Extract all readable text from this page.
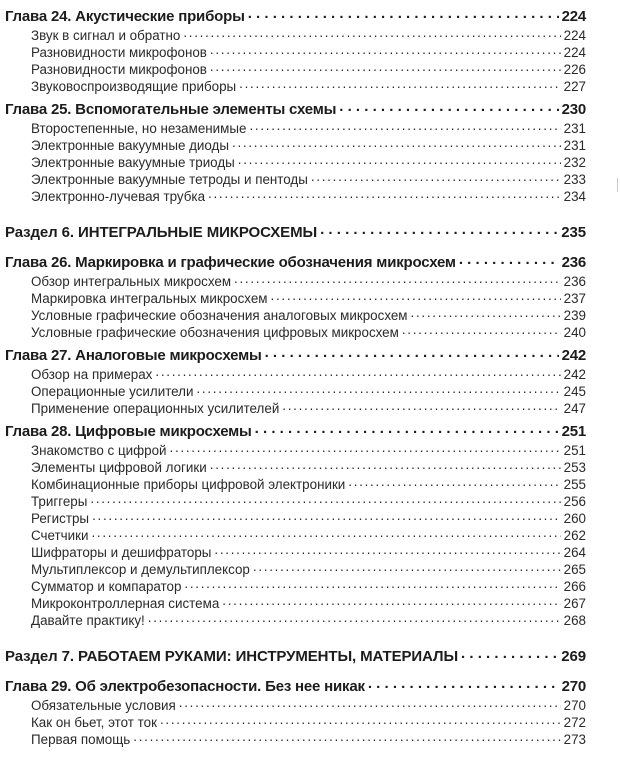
Глава 24. Акустические приборы . . .	224
Звук в сигнал и обратно . . .	224
Разновидности микрофонов . . .	224
Разновидности микрофонов . . .	226
Звуковоспроизводящие приборы . . .	227
Глава 25. Вспомогательные элементы схемы . . .	230
Второстепенные, но незаменимые . . .	231
Электронные вакуумные диоды . . .	231
Электронные вакуумные триоды . . .	232
Электронные вакуумные тетроды и пентоды . . .	233
Электронно-лучевая трубка . . .	234
Раздел 6. ИНТЕГРАЛЬНЫЕ МИКРОСХЕМЫ . . .	235
Глава 26. Маркировка и графические обозначения микросхем . . .	236
Обзор интегральных микросхем . . .	236
Маркировка интегральных микросхем . . .	237
Условные графические обозначения аналоговых микросхем . . .	239
Условные графические обозначения цифровых микросхем . . .	240
Глава 27. Аналоговые микросхемы . . .	242
Обзор на примерах . . .	242
Операционные усилители . . .	245
Применение операционных усилителей . . .	247
Глава 28. Цифровые микросхемы . . .	251
Знакомство с цифрой . . .	251
Элементы цифровой логики . . .	253
Комбинационные приборы цифровой электроники . . .	255
Триггеры . . .	256
Регистры . . .	260
Счетчики . . .	262
Шифраторы и дешифраторы . . .	264
Мультиплексор и демультиплексор . . .	265
Сумматор и компаратор . . .	266
Микроконтроллерная система . . .	267
Давайте практику! . . .	268
Раздел 7. РАБОТАЕМ РУКАМИ: ИНСТРУМЕНТЫ, МАТЕРИАЛЫ . . .	269
Глава 29. Об электробезопасности. Без нее никак . . .	270
Обязательные условия . . .	270
Как он бьет, этот ток . . .	272
Первая помощь . . .	273
